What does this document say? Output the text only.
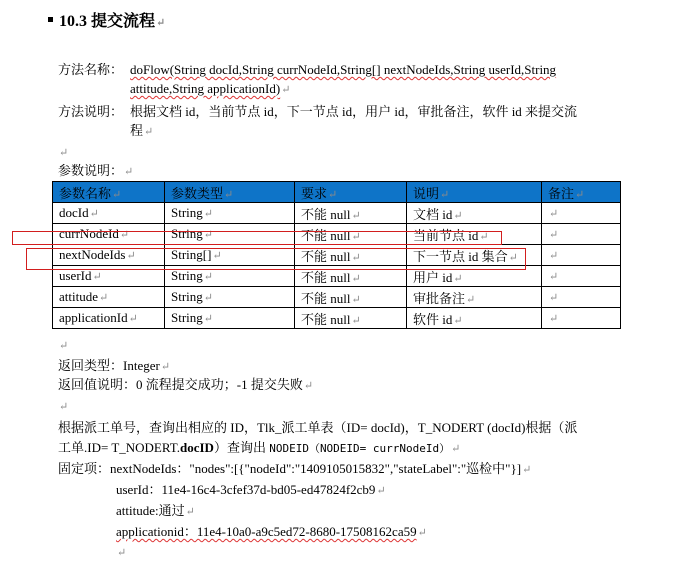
10.3 提交流程↵
方法名称： doFlow(String docId,String currNodeId,String[] nextNodeIds,String userId,String
attitude,String applicationId)↵
方法说明： 根据文档 id，当前节点 id，下一节点 id，用户 id，审批备注，软件 id 来提交流
程↵
↵
参数说明：↵
参数名称↵	参数类型↵	要求↵	说明↵	备注↵
docId↵	String↵	不能 null↵	文档 id↵	↵
currNodeId↵	String↵	不能 null↵	当前节点 id↵	↵
nextNodeIds↵	String[]↵	不能 null↵	下一节点 id 集合↵	↵
userId↵	String↵	不能 null↵	用户 id↵	↵
attitude↵	String↵	不能 null↵	审批备注↵	↵
applicationId↵	String↵	不能 null↵	软件 id↵	↵
↵
返回类型：Integer↵
返回值说明：0 流程提交成功；-1 提交失败↵
↵
根据派工单号，查询出相应的 ID，Tlk_派工单表（ID= docId)，T_NODERT (docId)根据（派
工单.ID= T_NODERT.docID）查询出 NODEID（NODEID= currNodeId）↵
固定项：nextNodeIds："nodes":[{"nodeId":"1409105015832","stateLabel":"巡检中"}]↵
userId：11e4-16c4-3cfef37d-bd05-ed47824f2cb9↵
attitude:通过↵
applicationid：11e4-10a0-a9c5ed72-8680-17508162ca59↵
↵
